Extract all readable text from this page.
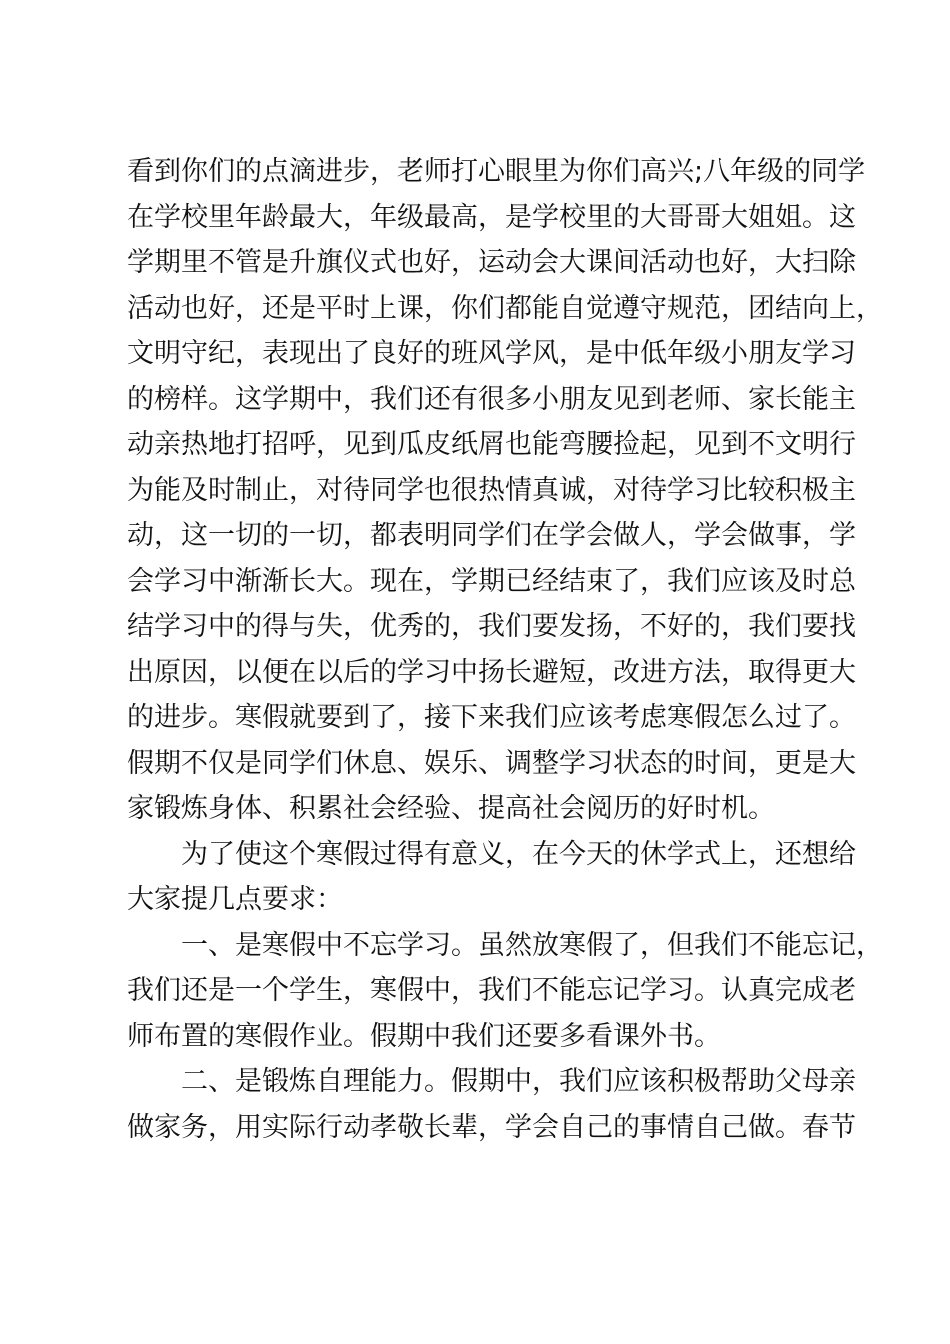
看到你们的点滴进步，老师打心眼里为你们高兴;八年级的同学
在学校里年龄最大，年级最高，是学校里的大哥哥大姐姐。这
学期里不管是升旗仪式也好，运动会大课间活动也好，大扫除
活动也好，还是平时上课，你们都能自觉遵守规范，团结向上，
文明守纪，表现出了良好的班风学风，是中低年级小朋友学习
的榜样。这学期中，我们还有很多小朋友见到老师、家长能主
动亲热地打招呼，见到瓜皮纸屑也能弯腰捡起，见到不文明行
为能及时制止，对待同学也很热情真诚，对待学习比较积极主
动，这一切的一切，都表明同学们在学会做人，学会做事，学
会学习中渐渐长大。现在，学期已经结束了，我们应该及时总
结学习中的得与失，优秀的，我们要发扬，不好的，我们要找
出原因，以便在以后的学习中扬长避短，改进方法，取得更大
的进步。寒假就要到了，接下来我们应该考虑寒假怎么过了。
假期不仅是同学们休息、娱乐、调整学习状态的时间，更是大
家锻炼身体、积累社会经验、提高社会阅历的好时机。
　　为了使这个寒假过得有意义，在今天的休学式上，还想给
大家提几点要求：
　　一、是寒假中不忘学习。虽然放寒假了，但我们不能忘记，
我们还是一个学生，寒假中，我们不能忘记学习。认真完成老
师布置的寒假作业。假期中我们还要多看课外书。
　　二、是锻炼自理能力。假期中，我们应该积极帮助父母亲
做家务，用实际行动孝敬长辈，学会自己的事情自己做。春节
